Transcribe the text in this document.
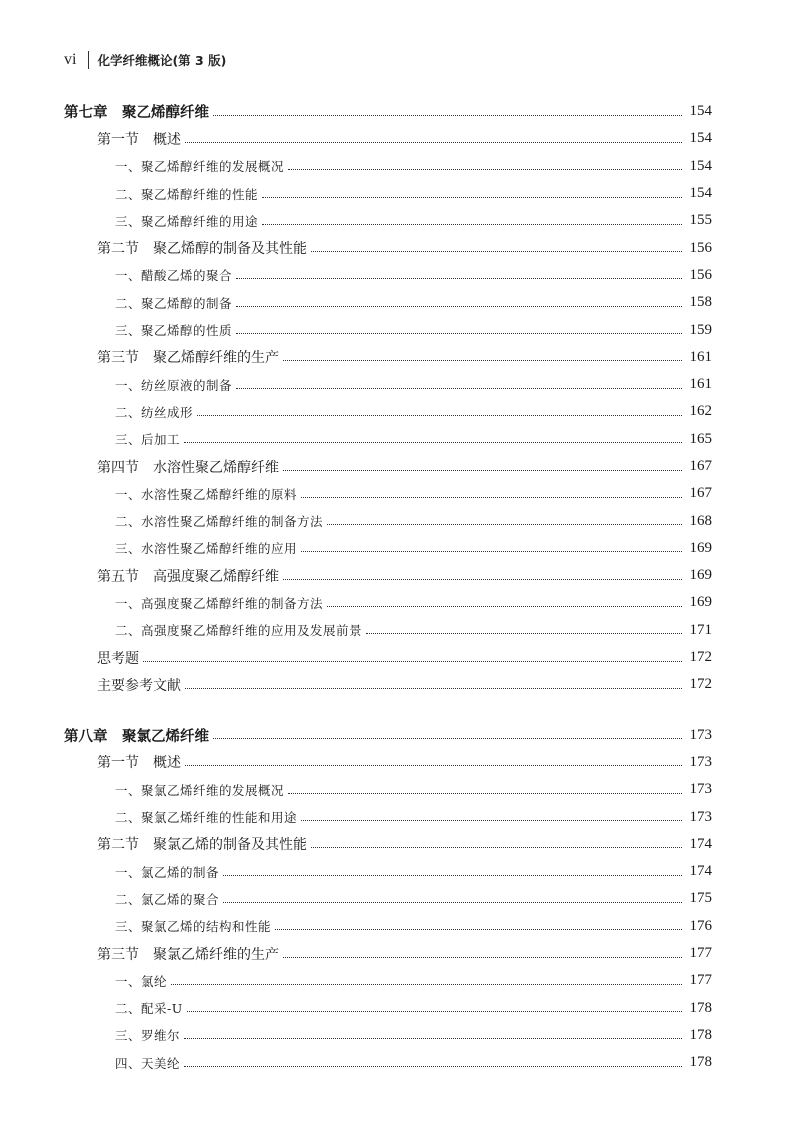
vi 化学纤维概论(第 3 版)
第七章　聚乙烯醇纤维	154
第一节　概述	154
一、聚乙烯醇纤维的发展概况	154
二、聚乙烯醇纤维的性能	154
三、聚乙烯醇纤维的用途	155
第二节　聚乙烯醇的制备及其性能	156
一、醋酸乙烯的聚合	156
二、聚乙烯醇的制备	158
三、聚乙烯醇的性质	159
第三节　聚乙烯醇纤维的生产	161
一、纺丝原液的制备	161
二、纺丝成形	162
三、后加工	165
第四节　水溶性聚乙烯醇纤维	167
一、水溶性聚乙烯醇纤维的原料	167
二、水溶性聚乙烯醇纤维的制备方法	168
三、水溶性聚乙烯醇纤维的应用	169
第五节　高强度聚乙烯醇纤维	169
一、高强度聚乙烯醇纤维的制备方法	169
二、高强度聚乙烯醇纤维的应用及发展前景	171
思考题	172
主要参考文献	172
第八章　聚氯乙烯纤维	173
第一节　概述	173
一、聚氯乙烯纤维的发展概况	173
二、聚氯乙烯纤维的性能和用途	173
第二节　聚氯乙烯的制备及其性能	174
一、氯乙烯的制备	174
二、氯乙烯的聚合	175
三、聚氯乙烯的结构和性能	176
第三节　聚氯乙烯纤维的生产	177
一、氯纶	177
二、配采-U	178
三、罗维尔	178
四、天美纶	178
